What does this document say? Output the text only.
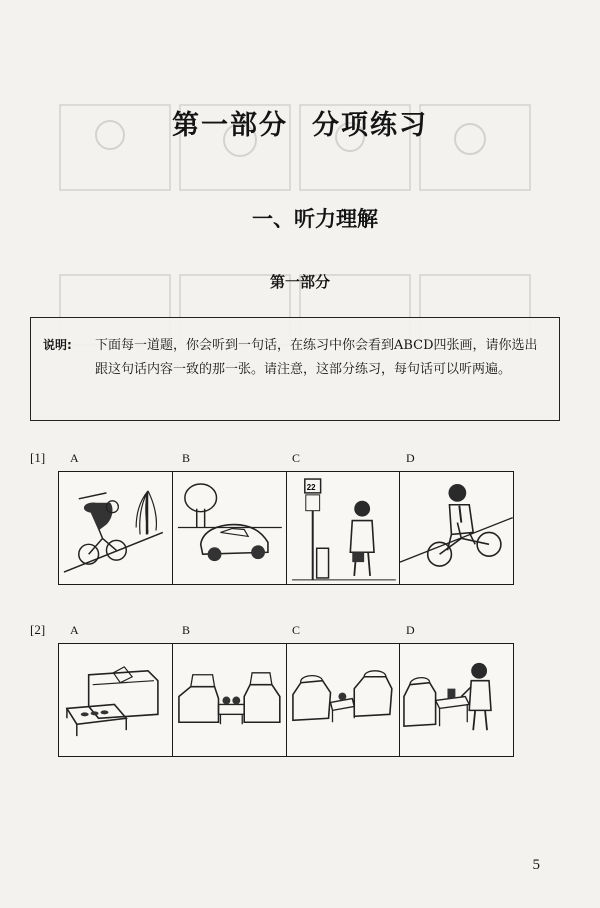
第一部分 分项练习
一、听力理解
第一部分
说明: 下面每一道题，你会听到一句话，在练习中你会看到ABCD四张画，请你选出跟这句话内容一致的那一张。请注意，这部分练习，每句话可以听两遍。
[1] A	B	C	D
22
[2] A	B	C	D
5
